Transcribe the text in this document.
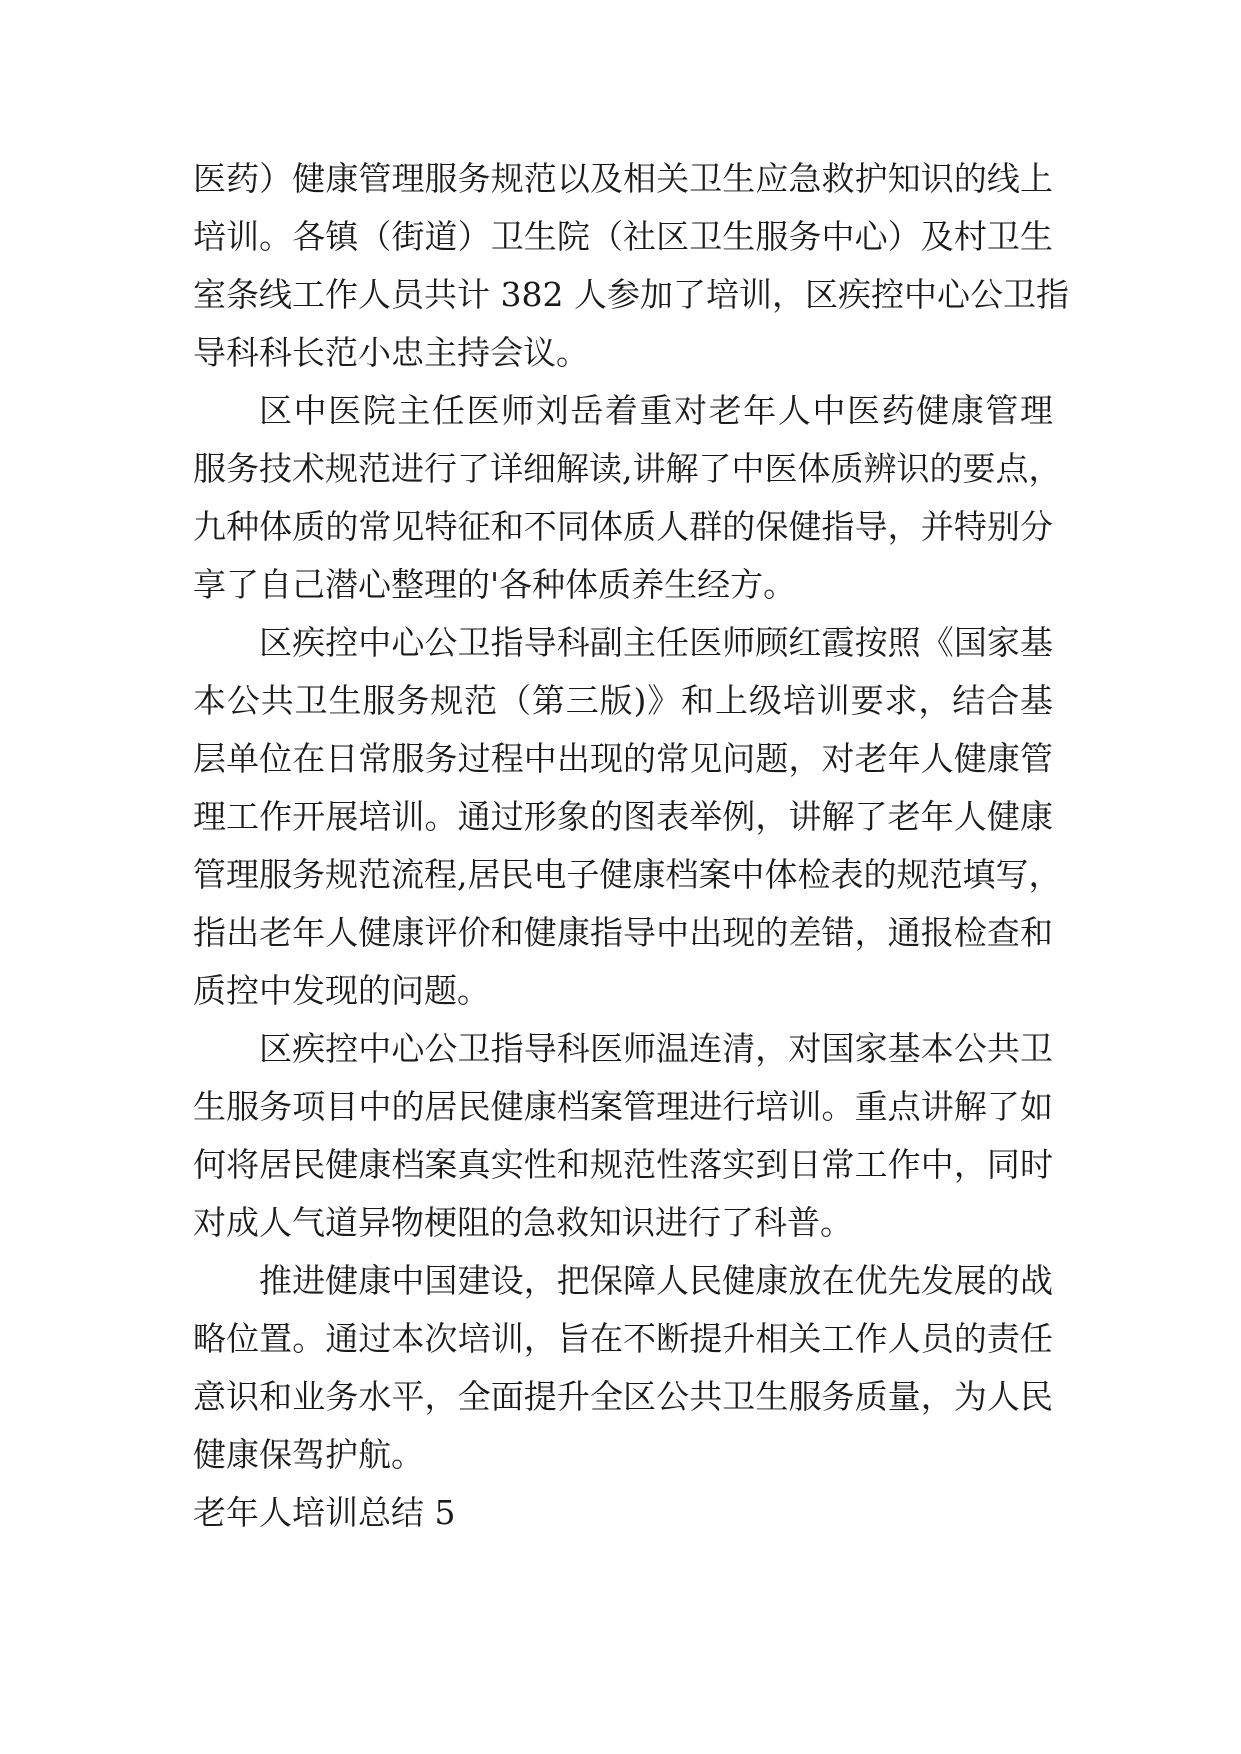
医药）健康管理服务规范以及相关卫生应急救护知识的线上
培训。各镇（街道）卫生院（社区卫生服务中心）及村卫生
室条线工作人员共计 382 人参加了培训，区疾控中心公卫指
导科科长范小忠主持会议。
区中医院主任医师刘岳着重对老年人中医药健康管理
服务技术规范进行了详细解读,讲解了中医体质辨识的要点，
九种体质的常见特征和不同体质人群的保健指导，并特别分
享了自己潜心整理的'各种体质养生经方。
区疾控中心公卫指导科副主任医师顾红霞按照《国家基
本公共卫生服务规范（第三版)》和上级培训要求，结合基
层单位在日常服务过程中出现的常见问题，对老年人健康管
理工作开展培训。通过形象的图表举例，讲解了老年人健康
管理服务规范流程,居民电子健康档案中体检表的规范填写，
指出老年人健康评价和健康指导中出现的差错，通报检查和
质控中发现的问题。
区疾控中心公卫指导科医师温连清，对国家基本公共卫
生服务项目中的居民健康档案管理进行培训。重点讲解了如
何将居民健康档案真实性和规范性落实到日常工作中，同时
对成人气道异物梗阻的急救知识进行了科普。
推进健康中国建设，把保障人民健康放在优先发展的战
略位置。通过本次培训，旨在不断提升相关工作人员的责任
意识和业务水平，全面提升全区公共卫生服务质量，为人民
健康保驾护航。
老年人培训总结 5
